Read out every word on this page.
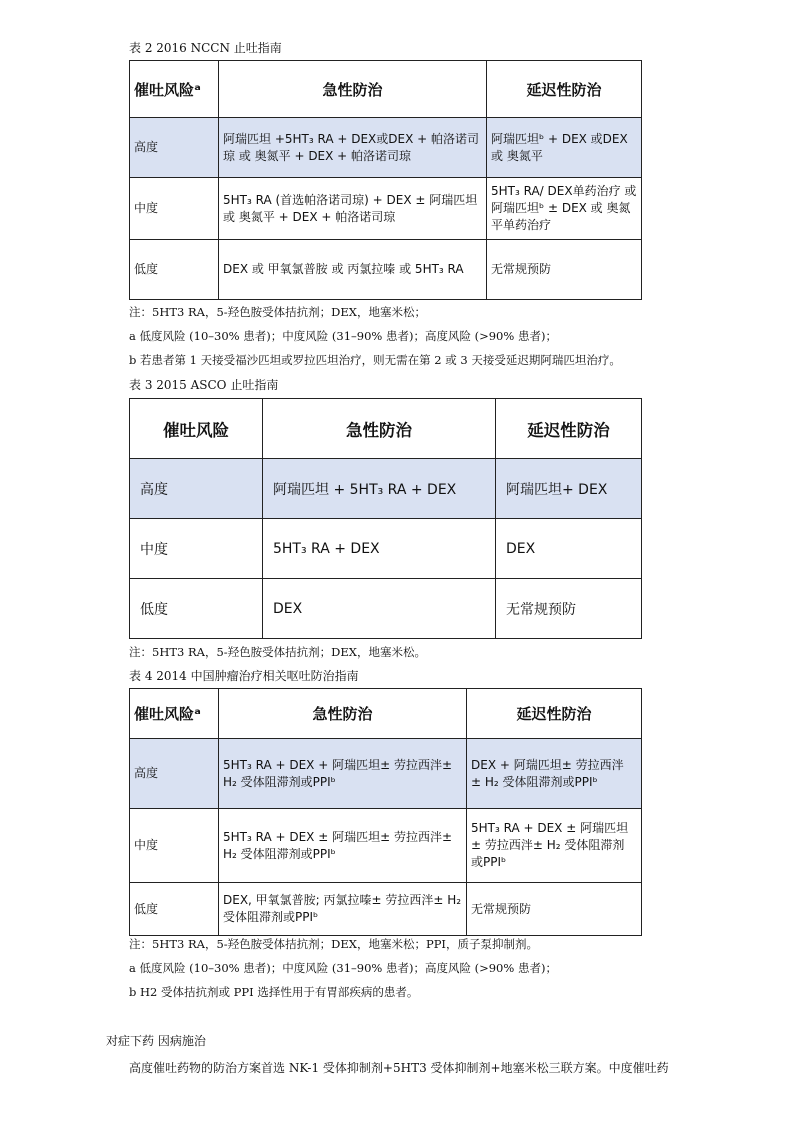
表 2 2016 NCCN 止吐指南
催吐风险ᵃ	急性防治	延迟性防治
高度	阿瑞匹坦 +5HT₃ RA + DEX或DEX + 帕洛诺司琼 或 奥氮平 + DEX + 帕洛诺司琼	阿瑞匹坦ᵇ + DEX 或DEX 或 奥氮平
中度	5HT₃ RA (首选帕洛诺司琼) + DEX ± 阿瑞匹坦 或 奥氮平 + DEX + 帕洛诺司琼	5HT₃ RA/ DEX单药治疗 或 阿瑞匹坦ᵇ ± DEX 或 奥氮平单药治疗
低度	DEX 或 甲氧氯普胺 或 丙氯拉嗪 或 5HT₃ RA	无常规预防
注：5HT3 RA，5-羟色胺受体拮抗剂；DEX，地塞米松；
a 低度风险 (10–30% 患者)；中度风险 (31–90% 患者)；高度风险 (>90% 患者)；
b 若患者第 1 天接受福沙匹坦或罗拉匹坦治疗，则无需在第 2 或 3 天接受延迟期阿瑞匹坦治疗。
表 3 2015 ASCO 止吐指南
催吐风险	急性防治	延迟性防治
高度	阿瑞匹坦 + 5HT₃ RA + DEX	阿瑞匹坦+ DEX
中度	5HT₃ RA + DEX	DEX
低度	DEX	无常规预防
注：5HT3 RA，5-羟色胺受体拮抗剂；DEX，地塞米松。
表 4 2014 中国肿瘤治疗相关呕吐防治指南
催吐风险ᵃ	急性防治	延迟性防治
高度	5HT₃ RA + DEX + 阿瑞匹坦± 劳拉西泮± H₂ 受体阻滞剂或PPIᵇ	DEX + 阿瑞匹坦± 劳拉西泮 ± H₂ 受体阻滞剂或PPIᵇ
中度	5HT₃ RA + DEX ± 阿瑞匹坦± 劳拉西泮± H₂ 受体阻滞剂或PPIᵇ	5HT₃ RA + DEX ± 阿瑞匹坦 ± 劳拉西泮± H₂ 受体阻滞剂 或PPIᵇ
低度	DEX, 甲氧氯普胺; 丙氯拉嗪± 劳拉西泮± H₂ 受体阻滞剂或PPIᵇ	无常规预防
注：5HT3 RA，5-羟色胺受体拮抗剂；DEX，地塞米松；PPI，质子泵抑制剂。
a 低度风险 (10–30% 患者)；中度风险 (31–90% 患者)；高度风险 (>90% 患者)；
b H2 受体拮抗剂或 PPI 选择性用于有胃部疾病的患者。
对症下药 因病施治
高度催吐药物的防治方案首选 NK-1 受体抑制剂+5HT3 受体抑制剂+地塞米松三联方案。中度催吐药
